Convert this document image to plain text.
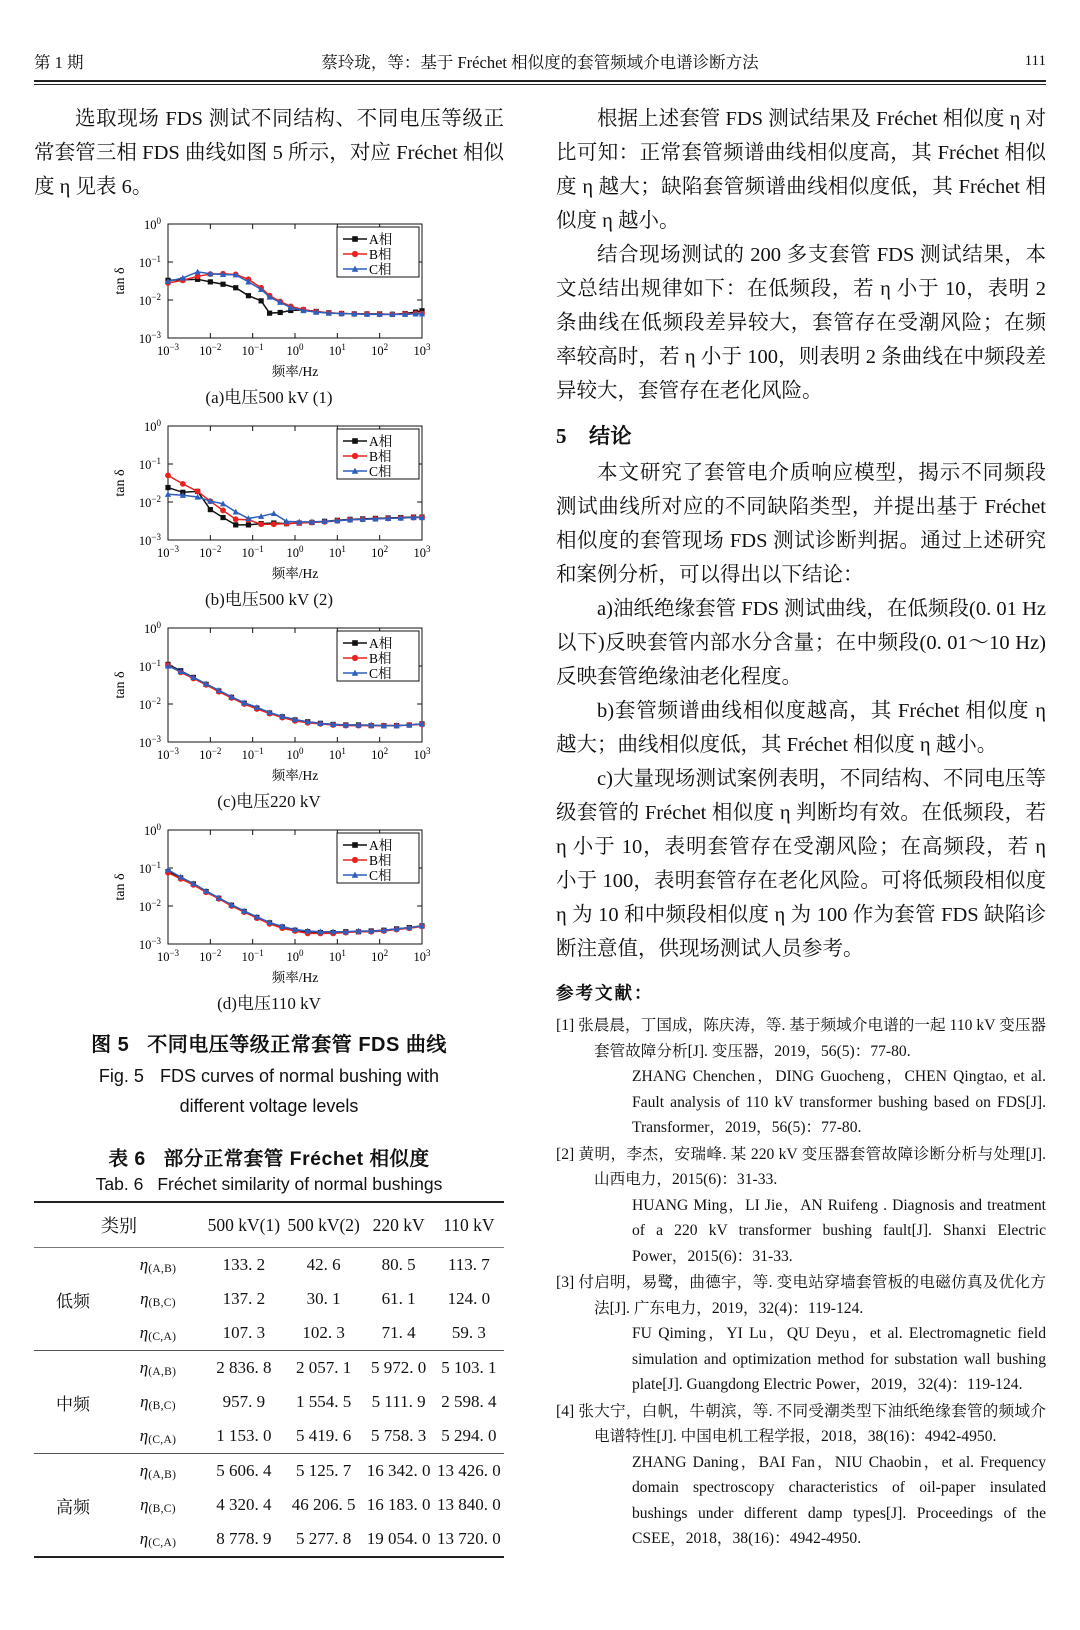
第 1 期	蔡玲珑，等：基于 Fréchet 相似度的套管频域介电谱诊断方法	111

选取现场 FDS 测试不同结构、不同电压等级正常套管三相 FDS 曲线如图 5 所示，对应 Fréchet 相似度 η 见表 6。

$10^{-3}$ $10^{-2}$ $10^{-1}$ $10^0$ $10^1$ $10^2$ $10^3$
$10^{-3}$
$10^{-2}$
$10^{-1}$
$10^0$
tan δ
频率/Hz
A相
B相
C相
(a)电压500 kV (1)
$10^{-3}$ $10^{-2}$ $10^{-1}$ $10^0$ $10^1$ $10^2$ $10^3$
$10^{-3}$
$10^{-2}$
$10^{-1}$
$10^0$
tan δ
频率/Hz
A相
B相
C相
(b)电压500 kV (2)
$10^{-3}$ $10^{-2}$ $10^{-1}$ $10^0$ $10^1$ $10^2$ $10^3$
$10^{-3}$
$10^{-2}$
$10^{-1}$
$10^0$
tan δ
频率/Hz
A相
B相
C相
(c)电压220 kV
$10^{-3}$ $10^{-2}$ $10^{-1}$ $10^0$ $10^1$ $10^2$ $10^3$
$10^{-3}$
$10^{-2}$
$10^{-1}$
$10^0$
tan δ
频率/Hz
A相
B相
C相
(d)电压110 kV
图 5 不同电压等级正常套管 FDS 曲线
Fig. 5 FDS curves of normal bushing with
different voltage levels
表 6 部分正常套管 Fréchet 相似度
Tab. 6 Fréchet similarity of normal bushings
类别		500 kV(1)	500 kV(2)	220 kV	110 kV
低频	η(A,B)	133. 2	42. 6	80. 5	113. 7
	η(B,C)	137. 2	30. 1	61. 1	124. 0
	η(C,A)	107. 3	102. 3	71. 4	59. 3
中频	η(A,B)	2 836. 8	2 057. 1	5 972. 0	5 103. 1
	η(B,C)	957. 9	1 554. 5	5 111. 9	2 598. 4
	η(C,A)	1 153. 0	5 419. 6	5 758. 3	5 294. 0
高频	η(A,B)	5 606. 4	5 125. 7	16 342. 0	13 426. 0
	η(B,C)	4 320. 4	46 206. 5	16 183. 0	13 840. 0
	η(C,A)	8 778. 9	5 277. 8	19 054. 0	13 720. 0

根据上述套管 FDS 测试结果及 Fréchet 相似度 η 对比可知：正常套管频谱曲线相似度高，其 Fréchet 相似度 η 越大；缺陷套管频谱曲线相似度低，其 Fréchet 相似度 η 越小。

结合现场测试的 200 多支套管 FDS 测试结果，本文总结出规律如下：在低频段，若 η 小于 10，表明 2 条曲线在低频段差异较大，套管存在受潮风险；在频率较高时，若 η 小于 100，则表明 2 条曲线在中频段差异较大，套管存在老化风险。

5 结论

本文研究了套管电介质响应模型，揭示不同频段测试曲线所对应的不同缺陷类型，并提出基于 Fréchet 相似度的套管现场 FDS 测试诊断判据。通过上述研究和案例分析，可以得出以下结论：

a)油纸绝缘套管 FDS 测试曲线，在低频段(0. 01 Hz 以下)反映套管内部水分含量；在中频段(0. 01～10 Hz)反映套管绝缘油老化程度。

b)套管频谱曲线相似度越高，其 Fréchet 相似度 η 越大；曲线相似度低，其 Fréchet 相似度 η 越小。

c)大量现场测试案例表明，不同结构、不同电压等级套管的 Fréchet 相似度 η 判断均有效。在低频段，若 η 小于 10，表明套管存在受潮风险；在高频段，若 η 小于 100，表明套管存在老化风险。可将低频段相似度 η 为 10 和中频段相似度 η 为 100 作为套管 FDS 缺陷诊断注意值，供现场测试人员参考。

参考文献：
[1] 张晨晨，丁国成，陈庆涛，等. 基于频域介电谱的一起 110 kV 变压器套管故障分析[J]. 变压器，2019，56(5)：77-80.
ZHANG Chenchen，DING Guocheng，CHEN Qingtao, et al. Fault analysis of 110 kV transformer bushing based on FDS[J]. Transformer，2019，56(5)：77-80.
[2] 黄明，李杰，安瑞峰. 某 220 kV 变压器套管故障诊断分析与处理[J]. 山西电力，2015(6)：31-33.
HUANG Ming，LI Jie，AN Ruifeng . Diagnosis and treatment of a 220 kV transformer bushing fault[J]. Shanxi Electric Power，2015(6)：31-33.
[3] 付启明，易鹭，曲德宇，等. 变电站穿墙套管板的电磁仿真及优化方法[J]. 广东电力，2019，32(4)：119-124.
FU Qiming，YI Lu，QU Deyu，et al. Electromagnetic field simulation and optimization method for substation wall bushing plate[J]. Guangdong Electric Power，2019，32(4)：119-124.
[4] 张大宁，白帆，牛朝滨，等. 不同受潮类型下油纸绝缘套管的频域介电谱特性[J]. 中国电机工程学报，2018，38(16)：4942-4950.
ZHANG Daning，BAI Fan，NIU Chaobin，et al. Frequency domain spectroscopy characteristics of oil-paper insulated bushings under different damp types[J]. Proceedings of the CSEE，2018，38(16)：4942-4950.
